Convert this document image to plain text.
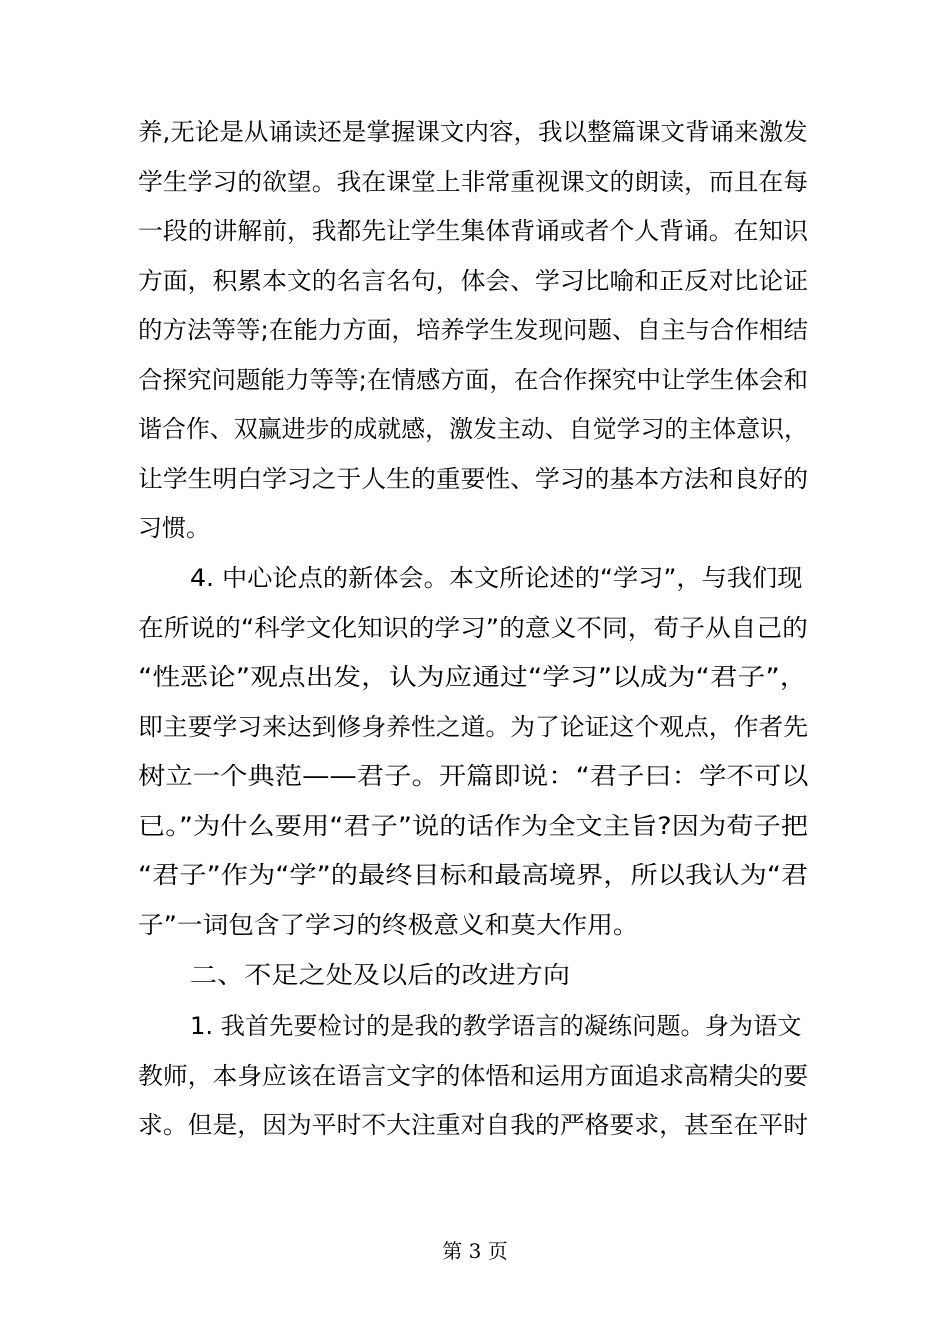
养,无论是从诵读还是掌握课文内容，我以整篇课文背诵来激发
学生学习的欲望。我在课堂上非常重视课文的朗读，而且在每
一段的讲解前，我都先让学生集体背诵或者个人背诵。在知识
方面，积累本文的名言名句，体会、学习比喻和正反对比论证
的方法等等;在能力方面，培养学生发现问题、自主与合作相结
合探究问题能力等等;在情感方面，在合作探究中让学生体会和
谐合作、双赢进步的成就感，激发主动、自觉学习的主体意识，
让学生明白学习之于人生的重要性、学习的基本方法和良好的
习惯。
4. 中心论点的新体会。本文所论述的“学习”，与我们现
在所说的“科学文化知识的学习”的意义不同，荀子从自己的
“性恶论”观点出发，认为应通过“学习”以成为“君子”，
即主要学习来达到修身养性之道。为了论证这个观点，作者先
树立一个典范——君子。开篇即说：“君子曰：学不可以
已。”为什么要用“君子”说的话作为全文主旨?因为荀子把
“君子”作为“学”的最终目标和最高境界，所以我认为“君
子”一词包含了学习的终极意义和莫大作用。
二、不足之处及以后的改进方向
1. 我首先要检讨的是我的教学语言的凝练问题。身为语文
教师，本身应该在语言文字的体悟和运用方面追求高精尖的要
求。但是，因为平时不大注重对自我的严格要求，甚至在平时
第 3 页
